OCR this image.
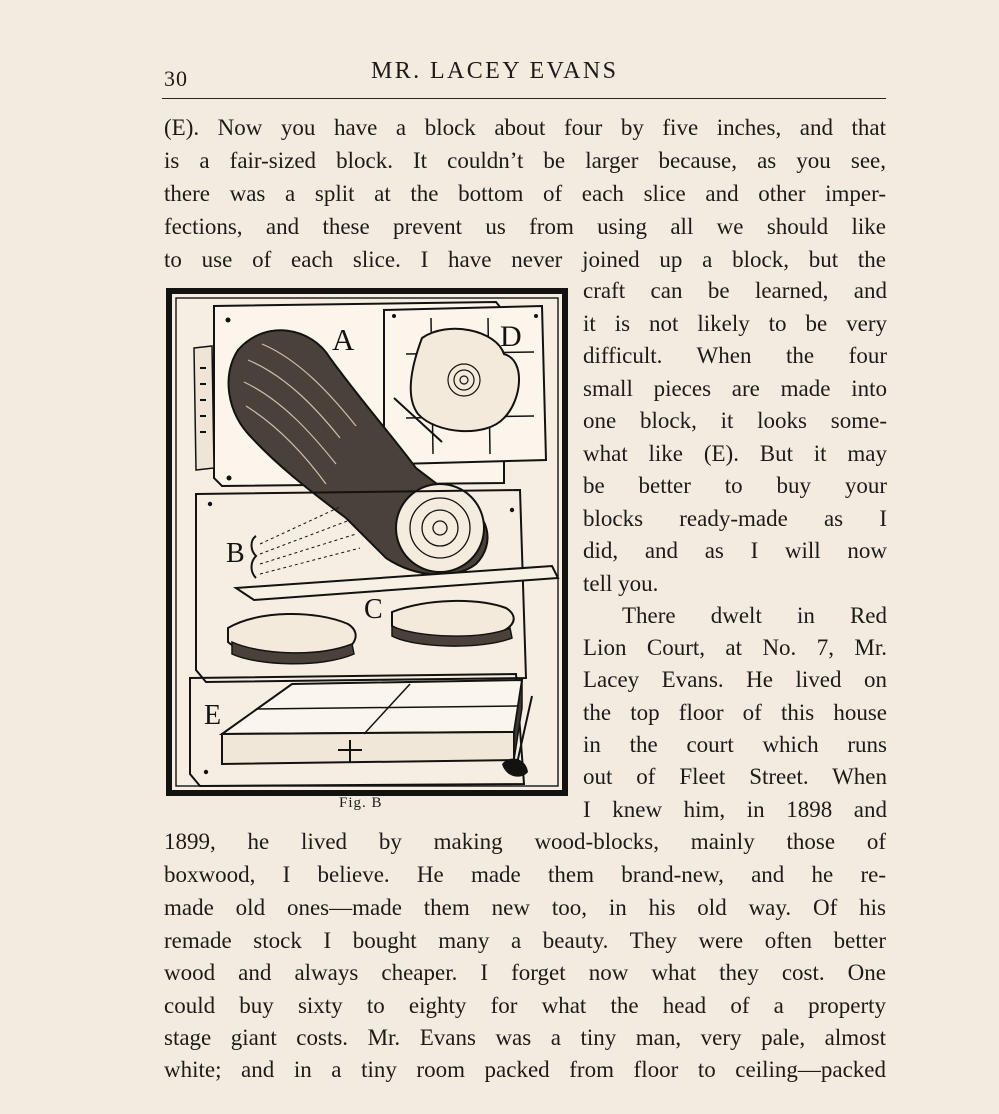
30	MR. LACEY EVANS
(E). Now you have a block about four by five inches, and that
is a fair-sized block. It couldn’t be larger because, as you see,
there was a split at the bottom of each slice and other imper-
fections, and these prevent us from using all we should like
to use of each slice. I have never joined up a block, but the
craft can be learned, and
it is not likely to be very
difficult. When the four
small pieces are made into
one block, it looks some-
what like (E). But it may
be better to buy your
blocks ready-made as I
did, and as I will now
tell you.
There dwelt in Red
Lion Court, at No. 7, Mr.
Lacey Evans. He lived on
the top floor of this house
in the court which runs
out of Fleet Street. When
I knew him, in 1898 and
A	D
B
C
E
Fig. B
1899, he lived by making wood-blocks, mainly those of
boxwood, I believe. He made them brand-new, and he re-
made old ones—made them new too, in his old way. Of his
remade stock I bought many a beauty. They were often better
wood and always cheaper. I forget now what they cost. One
could buy sixty to eighty for what the head of a property
stage giant costs. Mr. Evans was a tiny man, very pale, almost
white; and in a tiny room packed from floor to ceiling—packed
